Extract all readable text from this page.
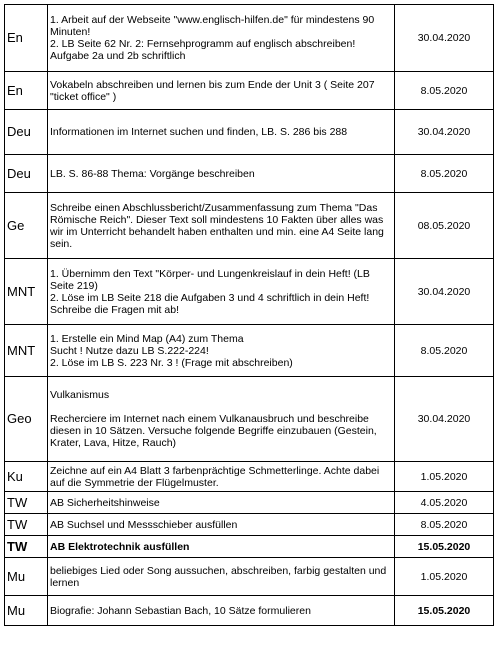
En	1. Arbeit auf der Webseite "www.englisch-hilfen.de" für mindestens 90 Minuten!
2. LB Seite 62 Nr. 2: Fernsehprogramm auf englisch abschreiben!
Aufgabe 2a und 2b schriftlich	30.04.2020
En	Vokabeln abschreiben und lernen bis zum Ende der Unit 3 ( Seite 207 "ticket office" )	8.05.2020
Deu	Informationen im Internet suchen und finden, LB. S. 286 bis 288	30.04.2020
Deu	LB. S. 86-88 Thema: Vorgänge beschreiben	8.05.2020
Ge	Schreibe einen Abschlussbericht/Zusammenfassung zum Thema "Das Römische Reich". Dieser Text soll mindestens 10 Fakten über alles was wir im Unterricht behandelt haben enthalten und min. eine A4 Seite lang sein.	08.05.2020
MNT	1. Übernimm den Text "Körper- und Lungenkreislauf in dein Heft! (LB Seite 219)
2. Löse im LB Seite 218 die Aufgaben 3 und 4 schriftlich in dein Heft! Schreibe die Fragen mit ab!	30.04.2020
MNT	1. Erstelle ein Mind Map (A4) zum Thema
Sucht ! Nutze dazu LB S.222-224!
2. Löse im LB S. 223 Nr. 3 ! (Frage mit abschreiben)	8.05.2020
Geo	Vulkanismus

Recherciere im Internet nach einem Vulkanausbruch und beschreibe diesen in 10 Sätzen. Versuche folgende Begriffe einzubauen (Gestein, Krater, Lava, Hitze, Rauch)	30.04.2020
Ku	Zeichne auf ein A4 Blatt 3 farbenprächtige Schmetterlinge. Achte dabei auf die Symmetrie der Flügelmuster.	1.05.2020
TW	AB Sicherheitshinweise	4.05.2020
TW	AB Suchsel und Messschieber ausfüllen	8.05.2020
TW	AB Elektrotechnik ausfüllen	15.05.2020
Mu	beliebiges Lied oder Song aussuchen, abschreiben, farbig gestalten und lernen	1.05.2020
Mu	Biografie: Johann Sebastian Bach, 10 Sätze formulieren	15.05.2020
